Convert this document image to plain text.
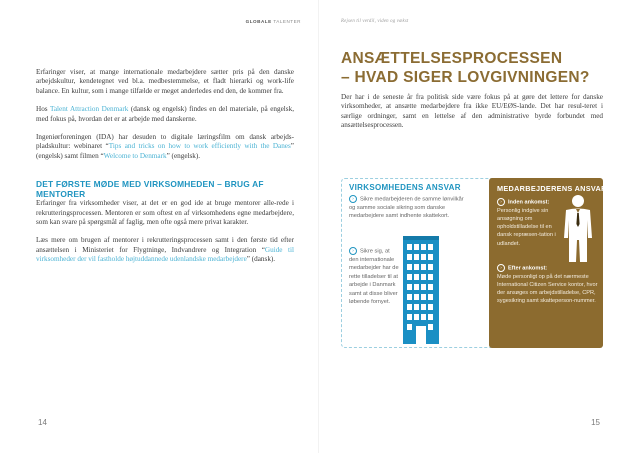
GLOBALE TALENTER

Erfaringer viser, at mange internationale medarbejdere sætter pris på den danske arbejdskultur, kendetegnet ved bl.a. medbestemmelse, et fladt hierarki og work-life balance. En kultur, som i mange tilfælde er meget anderledes end den, de kommer fra.

Hos Talent Attraction Denmark (dansk og engelsk) findes en del materiale, på engelsk, med fokus på, hvordan det er at arbejde med danskerne.

Ingeniørforeningen (IDA) har desuden to digitale læringsfilm om dansk arbejds-pladskultur: webinaret “Tips and tricks on how to work efficiently with the Danes” (engelsk) samt filmen “Welcome to Denmark” (engelsk).

DET FØRSTE MØDE MED VIRKSOMHEDEN – BRUG AF
MENTORER

Erfaringer fra virksomheder viser, at det er en god ide at bruge mentorer alle-rede i rekrutteringsprocessen. Mentoren er som oftest en af virksomhedens egne medarbejdere, som kan svare på spørgsmål af faglig, men ofte også mere privat karakter.

Læs mere om brugen af mentorer i rekrutteringsprocessen samt i den første tid efter ansættelsen i Ministeriet for Flygtninge, Indvandrere og Integration “Guide til virksomheder der vil fastholde højtuddannede udenlandske medarbejdere” (dansk).

14
Rejsen til verdil, viden og vækst
ANSÆTTELSESPROCESSEN
– HVAD SIGER LOVGIVNINGEN?

Der har i de seneste år fra politisk side være fokus på at gøre det lettere for danske virksomheder, at ansætte medarbejdere fra ikke EU/EØS-lande. Det har resul-teret i særlige ordninger, samt en lettelse af den administrative byrde forbundet med ansættelsesprocessen.

VIRKSOMHEDENS ANSVAR
› Sikre medarbejderen de samme lønvilkår og samme sociale sikring som danske medarbejdere samt indhente skattekort.
› Sikre sig, at den internationale medarbejder har de rette tilladelser til at arbejde i Danmark samt at disse bliver løbende fornyet.
MEDARBEJDERENS ANSVAR
› Inden ankomst:
Personlig indgive sin ansøgning om opholdstilladelse til en dansk repræsen-tation i udlandet.
› Efter ankomst:
Møde personligt op på det nærmeste International Citizen Service kontor, hvor der ansøges om arbejdstilladelse, CPR, sygesikring samt skatteperson-nummer.
15
